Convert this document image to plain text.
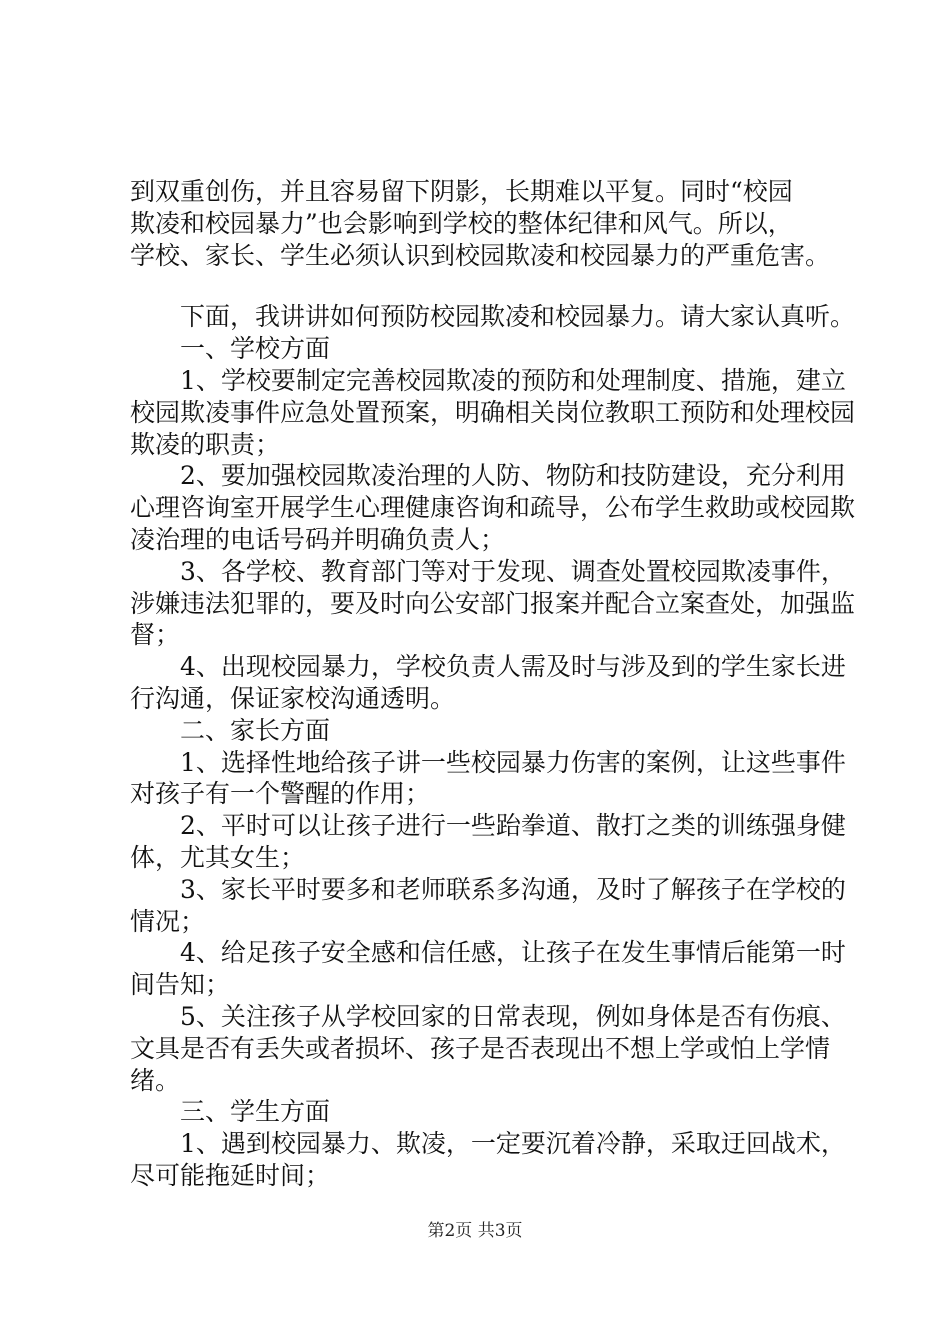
到双重创伤，并且容易留下阴影，长期难以平复。同时“校园

欺凌和校园暴力”也会影响到学校的整体纪律和风气。所以，

学校、家长、学生必须认识到校园欺凌和校园暴力的严重危害。

下面，我讲讲如何预防校园欺凌和校园暴力。请大家认真听。

一、学校方面

1、学校要制定完善校园欺凌的预防和处理制度、措施，建立校园欺凌事件应急处置预案，明确相关岗位教职工预防和处理校园欺凌的职责；

2、要加强校园欺凌治理的人防、物防和技防建设，充分利用心理咨询室开展学生心理健康咨询和疏导，公布学生救助或校园欺凌治理的电话号码并明确负责人；

3、各学校、教育部门等对于发现、调查处置校园欺凌事件，涉嫌违法犯罪的，要及时向公安部门报案并配合立案查处，加强监督；

4、出现校园暴力，学校负责人需及时与涉及到的学生家长进行沟通，保证家校沟通透明。

二、家长方面

1、选择性地给孩子讲一些校园暴力伤害的案例，让这些事件对孩子有一个警醒的作用；

2、平时可以让孩子进行一些跆拳道、散打之类的训练强身健体，尤其女生；

3、家长平时要多和老师联系多沟通，及时了解孩子在学校的情况；

4、给足孩子安全感和信任感，让孩子在发生事情后能第一时间告知；

5、关注孩子从学校回家的日常表现，例如身体是否有伤痕、文具是否有丢失或者损坏、孩子是否表现出不想上学或怕上学情绪。

三、学生方面

1、遇到校园暴力、欺凌，一定要沉着冷静，采取迂回战术，尽可能拖延时间；

第2页 共3页
